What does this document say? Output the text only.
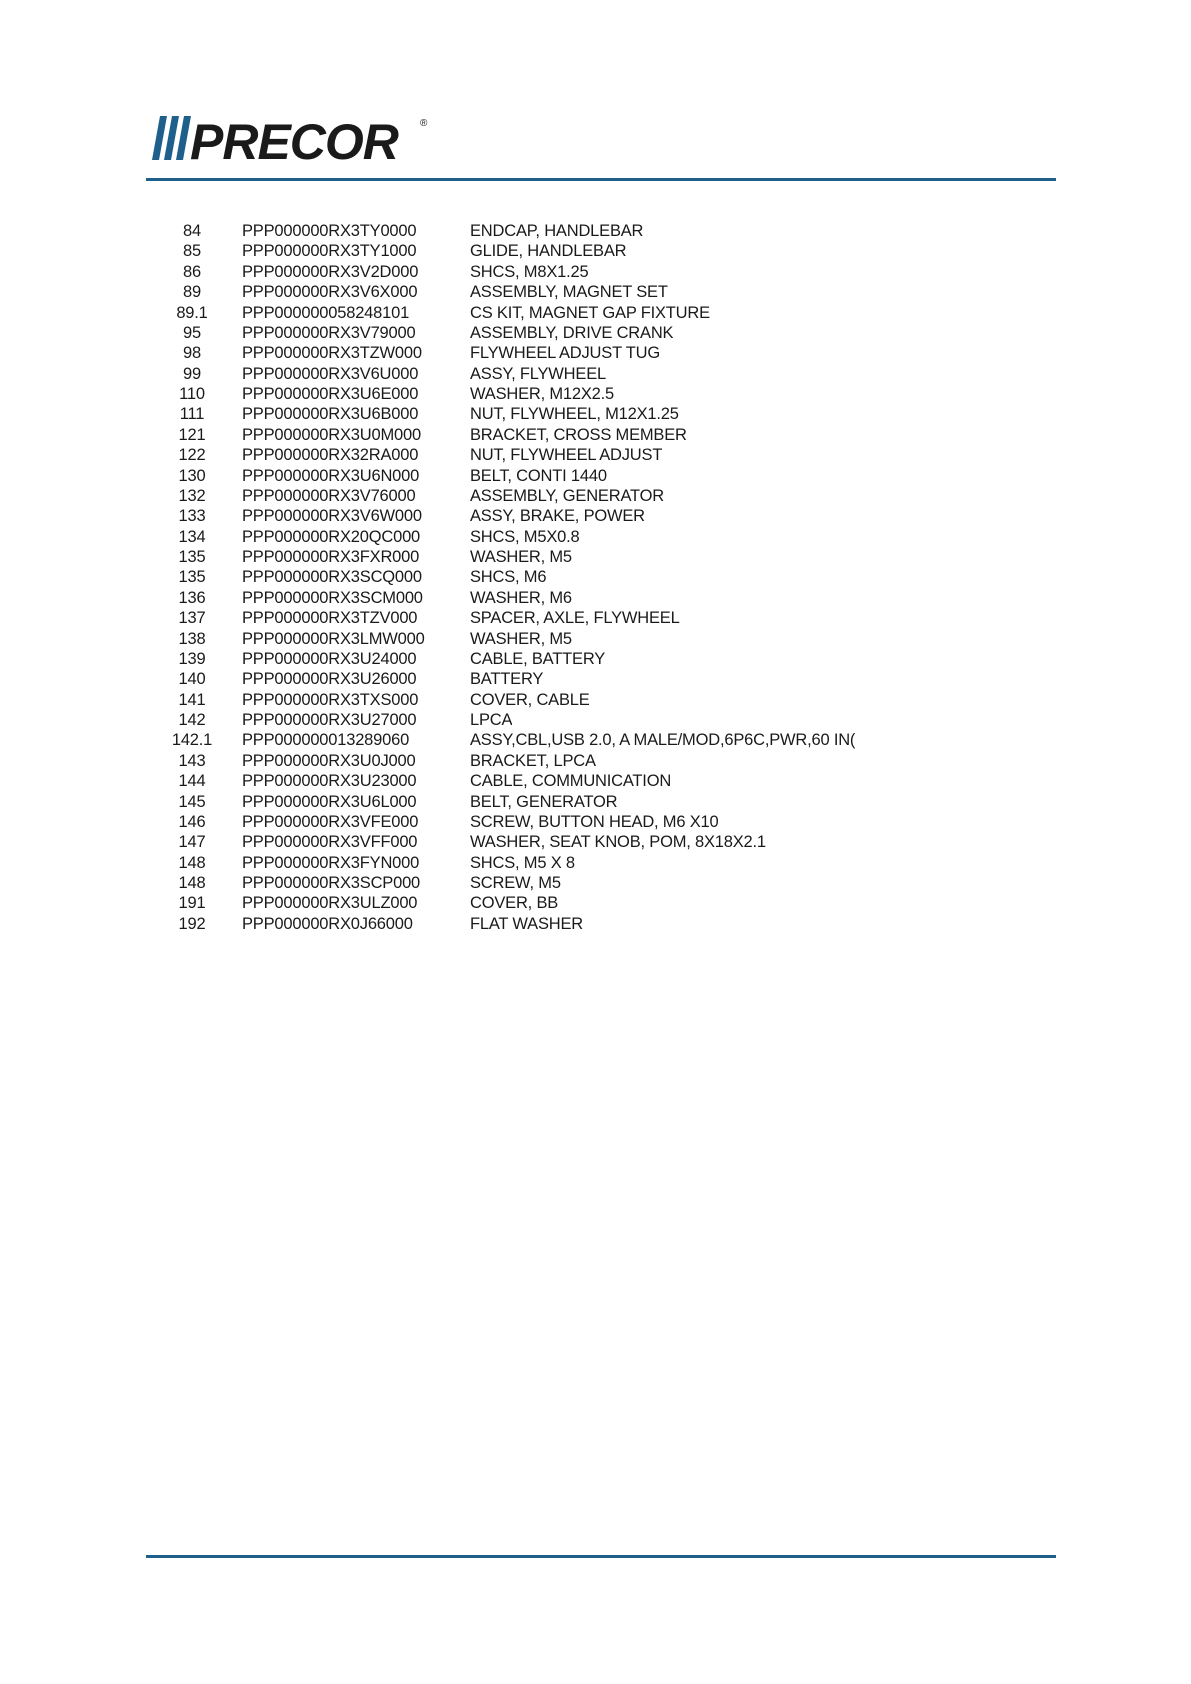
PRECOR ®
84	PPP000000RX3TY0000	ENDCAP, HANDLEBAR
85	PPP000000RX3TY1000	GLIDE, HANDLEBAR
86	PPP000000RX3V2D000	SHCS, M8X1.25
89	PPP000000RX3V6X000	ASSEMBLY, MAGNET SET
89.1	PPP000000058248101	CS KIT, MAGNET GAP FIXTURE
95	PPP000000RX3V79000	ASSEMBLY, DRIVE CRANK
98	PPP000000RX3TZW000	FLYWHEEL ADJUST TUG
99	PPP000000RX3V6U000	ASSY, FLYWHEEL
110	PPP000000RX3U6E000	WASHER, M12X2.5
111	PPP000000RX3U6B000	NUT, FLYWHEEL, M12X1.25
121	PPP000000RX3U0M000	BRACKET, CROSS MEMBER
122	PPP000000RX32RA000	NUT, FLYWHEEL ADJUST
130	PPP000000RX3U6N000	BELT, CONTI 1440
132	PPP000000RX3V76000	ASSEMBLY, GENERATOR
133	PPP000000RX3V6W000	ASSY, BRAKE, POWER
134	PPP000000RX20QC000	SHCS, M5X0.8
135	PPP000000RX3FXR000	WASHER, M5
135	PPP000000RX3SCQ000	SHCS, M6
136	PPP000000RX3SCM000	WASHER, M6
137	PPP000000RX3TZV000	SPACER, AXLE, FLYWHEEL
138	PPP000000RX3LMW000	WASHER, M5
139	PPP000000RX3U24000	CABLE, BATTERY
140	PPP000000RX3U26000	BATTERY
141	PPP000000RX3TXS000	COVER, CABLE
142	PPP000000RX3U27000	LPCA
142.1	PPP000000013289060	ASSY,CBL,USB 2.0, A MALE/MOD,6P6C,PWR,60 IN(
143	PPP000000RX3U0J000	BRACKET, LPCA
144	PPP000000RX3U23000	CABLE, COMMUNICATION
145	PPP000000RX3U6L000	BELT, GENERATOR
146	PPP000000RX3VFE000	SCREW, BUTTON HEAD, M6 X10
147	PPP000000RX3VFF000	WASHER, SEAT KNOB, POM, 8X18X2.1
148	PPP000000RX3FYN000	SHCS, M5 X 8
148	PPP000000RX3SCP000	SCREW, M5
191	PPP000000RX3ULZ000	COVER, BB
192	PPP000000RX0J66000	FLAT WASHER
